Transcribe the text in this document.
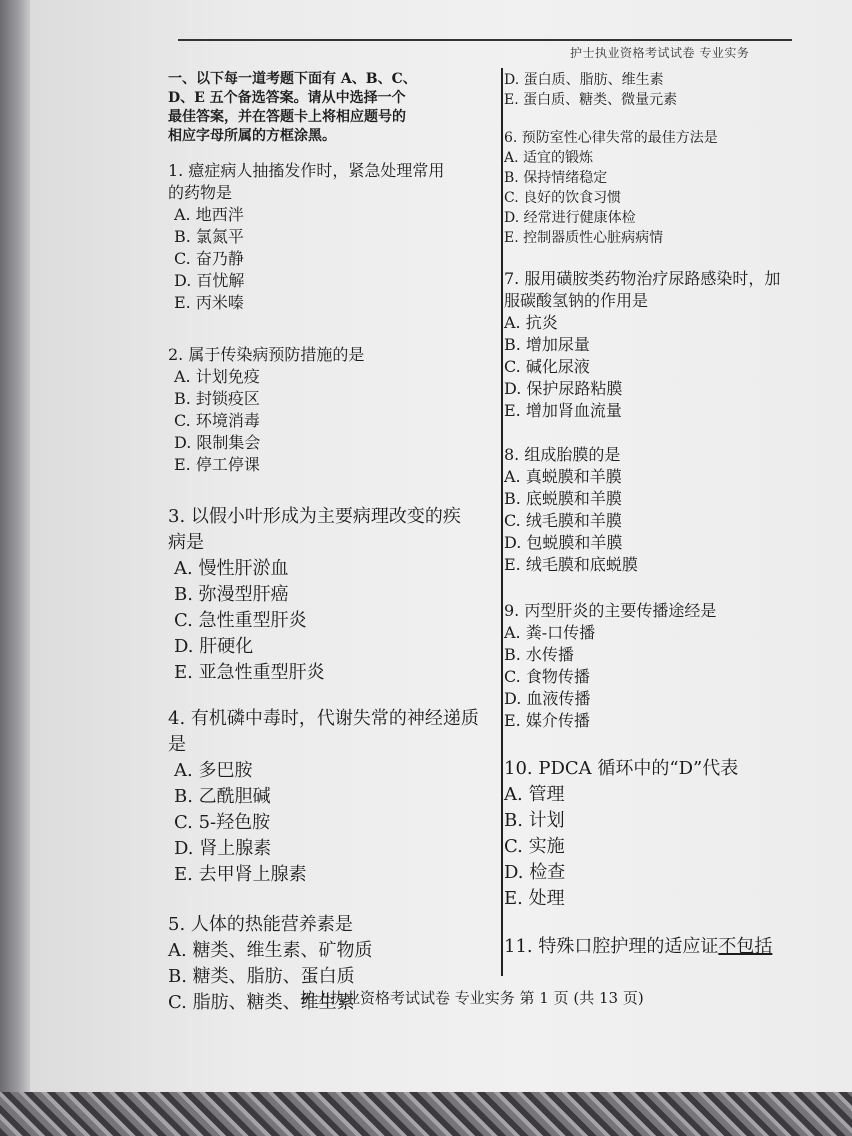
护士执业资格考试试卷 专业实务

一、以下每一道考题下面有 A、B、C、

D、E 五个备选答案。请从中选择一个

最佳答案，并在答题卡上将相应题号的

相应字母所属的方框涂黑。

1. 癔症病人抽搐发作时，紧急处理常用

的药物是

A. 地西泮

B. 氯氮平

C. 奋乃静

D. 百忧解

E. 丙米嗪

2. 属于传染病预防措施的是

A. 计划免疫

B. 封锁疫区

C. 环境消毒

D. 限制集会

E. 停工停课

3. 以假小叶形成为主要病理改变的疾

病是

A. 慢性肝淤血

B. 弥漫型肝癌

C. 急性重型肝炎

D. 肝硬化

E. 亚急性重型肝炎

4. 有机磷中毒时，代谢失常的神经递质

是

A. 多巴胺

B. 乙酰胆碱

C. 5-羟色胺

D. 肾上腺素

E. 去甲肾上腺素

5. 人体的热能营养素是

A. 糖类、维生素、矿物质

B. 糖类、脂肪、蛋白质

C. 脂肪、糖类、维生素

D. 蛋白质、脂肪、维生素

E. 蛋白质、糖类、微量元素

6. 预防室性心律失常的最佳方法是

A. 适宜的锻炼

B. 保持情绪稳定

C. 良好的饮食习惯

D. 经常进行健康体检

E. 控制器质性心脏病病情

7. 服用磺胺类药物治疗尿路感染时，加

服碳酸氢钠的作用是

A. 抗炎

B. 增加尿量

C. 碱化尿液

D. 保护尿路粘膜

E. 增加肾血流量

8. 组成胎膜的是

A. 真蜕膜和羊膜

B. 底蜕膜和羊膜

C. 绒毛膜和羊膜

D. 包蜕膜和羊膜

E. 绒毛膜和底蜕膜

9. 丙型肝炎的主要传播途经是

A. 粪-口传播

B. 水传播

C. 食物传播

D. 血液传播

E. 媒介传播

10. PDCA 循环中的“D”代表

A. 管理

B. 计划

C. 实施

D. 检查

E. 处理

11. 特殊口腔护理的适应证不包括

护士执业资格考试试卷 专业实务 第 1 页 (共 13 页)
